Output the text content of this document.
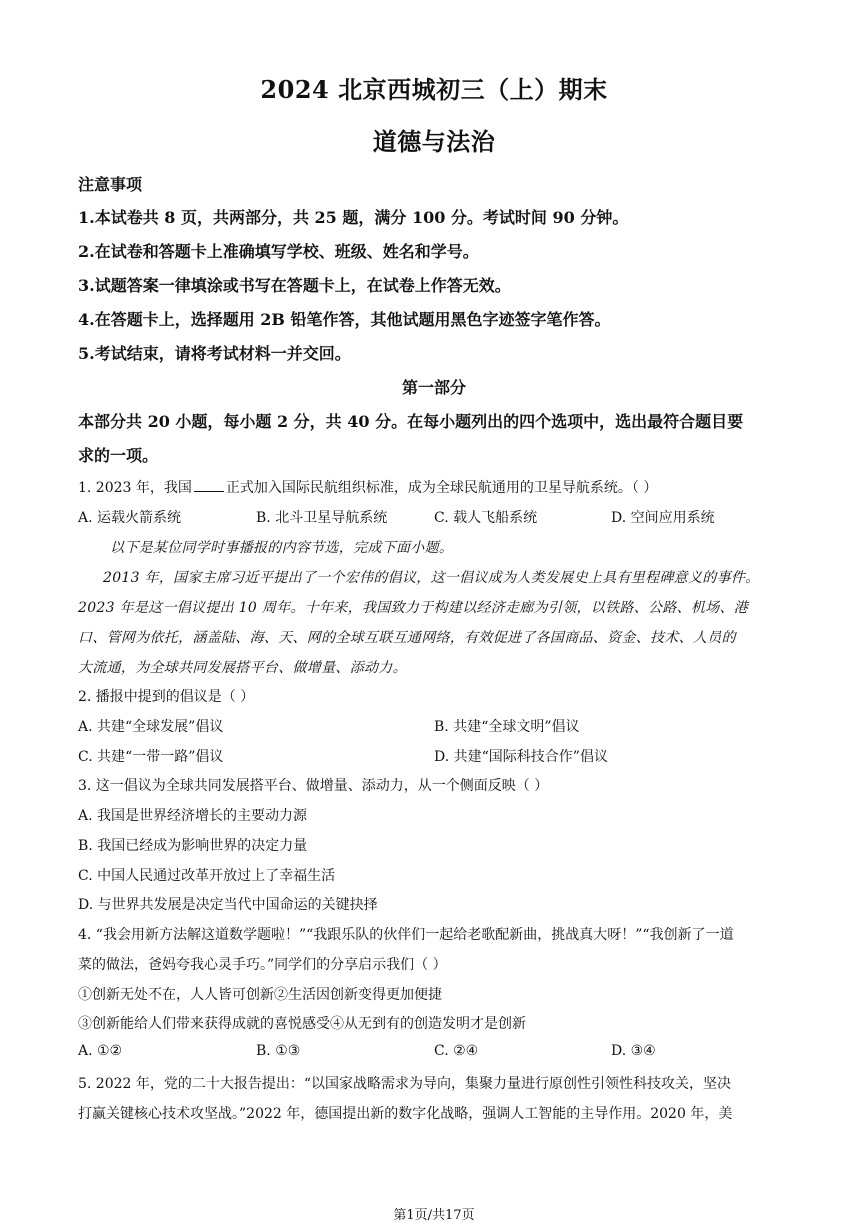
2024 北京西城初三（上）期末
道德与法治
注意事项
1.本试卷共 8 页，共两部分，共 25 题，满分 100 分。考试时间 90 分钟。
2.在试卷和答题卡上准确填写学校、班级、姓名和学号。
3.试题答案一律填涂或书写在答题卡上，在试卷上作答无效。
4.在答题卡上，选择题用 2B 铅笔作答，其他试题用黑色字迹签字笔作答。
5.考试结束，请将考试材料一并交回。
第一部分
本部分共 20 小题，每小题 2 分，共 40 分。在每小题列出的四个选项中，选出最符合题目要
求的一项。
1. 2023 年，我国 正式加入国际民航组织标准，成为全球民航通用的卫星导航系统。（ ）
A. 运载火箭系统	B. 北斗卫星导航系统	C. 载人飞船系统	D. 空间应用系统
以下是某位同学时事播报的内容节选，完成下面小题。
2013 年，国家主席习近平提出了一个宏伟的倡议，这一倡议成为人类发展史上具有里程碑意义的事件。
2023 年是这一倡议提出 10 周年。十年来，我国致力于构建以经济走廊为引领，以铁路、公路、机场、港
口、管网为依托，涵盖陆、海、天、网的全球互联互通网络，有效促进了各国商品、资金、技术、人员的
大流通，为全球共同发展搭平台、做增量、添动力。
2. 播报中提到的倡议是（ ）
A. 共建“全球发展”倡议	B. 共建“全球文明”倡议
C. 共建“一带一路”倡议	D. 共建“国际科技合作”倡议
3. 这一倡议为全球共同发展搭平台、做增量、添动力，从一个侧面反映（ ）
A. 我国是世界经济增长的主要动力源
B. 我国已经成为影响世界的决定力量
C. 中国人民通过改革开放过上了幸福生活
D. 与世界共发展是决定当代中国命运的关键抉择
4. “我会用新方法解这道数学题啦！”“我跟乐队的伙伴们一起给老歌配新曲，挑战真大呀！”“我创新了一道
菜的做法，爸妈夸我心灵手巧。”同学们的分享启示我们（ ）
①创新无处不在，人人皆可创新②生活因创新变得更加便捷
③创新能给人们带来获得成就的喜悦感受④从无到有的创造发明才是创新
A. ①②	B. ①③	C. ②④	D. ③④
5. 2022 年，党的二十大报告提出：“以国家战略需求为导向，集聚力量进行原创性引领性科技攻关，坚决
打赢关键核心技术攻坚战。”2022 年，德国提出新的数字化战略，强调人工智能的主导作用。2020 年，美
第1页/共17页
